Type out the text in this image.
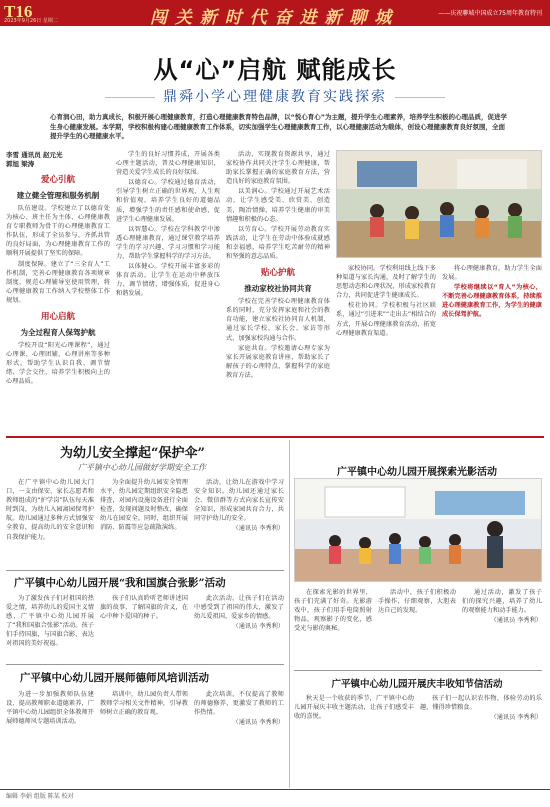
T16
2023年9月26日 星期二	闯 关 新 时 代 奋 进 新 聊 城	——庆祝聊城中国成立75周年教育特刊
从“心”启航 赋能成长
鼎舜小学心理健康教育实践探索
心育润心田，助力真成长，积极开展心理健康教育，打造心理健康教育特色品牌，以“悦心育心”为主题，提升学生心理素养，培养学生积极的心理品质，促进学生身心健康发展。本学期，学校积极构建心理健康教育工作体系，切实加强学生心理健康教育工作，以心理健康活动为载体，创设心理健康教育良好氛围，全面提升学生的心理健康水平。
李雪 通讯员 赵元光
郭旭 梁涛
爱心引航
建立健全管理和服务机制
队伍建设。学校建立了以德育处为核心、班主任为主体、心理健康教育专职教师为骨干的心理健康教育工作队伍，形成了全员参与、齐抓共管的良好局面，为心理健康教育工作的顺利开展提供了坚实的保障。
制度保障。建立了“三全育人”工作机制，完善心理健康教育各项规章制度，规范心理辅导室使用管理，将心理健康教育工作纳入学校整体工作规划。
用心启航
为全过程育人保驾护航
学校开设“阳光心理课程”，通过心理课、心理团辅、心理讲座等多种形式，帮助学生认识自我、调节情绪、学会交往，培养学生积极向上的心理品质。
学生的良好习惯养成，开展各类心理主题活动，普及心理健康知识，营造关爱学生成长的良好氛围。
以德育心。学校通过德育活动，引导学生树立正确的世界观、人生观和价值观，培养学生良好的道德品质，增强学生的责任感和使命感，促进学生心理健康发展。
以智慧心。学校在学科教学中渗透心理健康教育，通过课堂教学培养学生的学习兴趣、学习习惯和学习能力，帮助学生掌握科学的学习方法。
以体健心。学校开展丰富多彩的体育活动，让学生在运动中释放压力、调节情绪、增强体质，促进身心和谐发展。
活动，实现教育资源共享，通过家校协作共同关注学生心理健康，帮助家长掌握正确的家庭教育方法，营造良好的家庭教育氛围。
以美润心。学校通过开展艺术活动，让学生感受美、欣赏美、创造美，陶冶情操，培养学生健康的审美情趣和积极的心态。
以劳育心。学校开展劳动教育实践活动，让学生在劳动中体验成就感和幸福感，培养学生吃苦耐劳的精神和坚强的意志品质。
贴心护航
推动家校社协同共育
学校在完善学校心理健康教育体系的同时，充分发挥家庭和社会的教育功能，建立家校社协同育人机制，通过家长学校、家长会、家访等形式，加强家校沟通与合作。
家庭共育。学校邀请心理专家为家长开展家庭教育讲座，帮助家长了解孩子的心理特点，掌握科学的家庭教育方法。
家校协同。学校利用线上线下多种渠道与家长沟通，及时了解学生的思想动态和心理状况，形成家校教育合力，共同促进学生健康成长。
校社协同。学校积极与社区联系，通过“引进来”“走出去”相结合的方式，开展心理健康教育活动，拓宽心理健康教育渠道。
将心理健康教育，助力学生全面发展。
学校将继续以“育人”为核心，不断完善心理健康教育体系，持续推进心理健康教育工作，为学生的健康成长保驾护航。
为幼儿安全撑起“保护伞”
广平镇中心幼儿园做好学期安全工作
在广平镇中心幼儿园大门口，一支由保安、家长志愿者和教师组成的“护学岗”队伍每天准时到岗，为幼儿入园离园保驾护航。幼儿园通过多种方式加强安全教育，提高幼儿的安全意识和自我保护能力。
为全面提升幼儿园安全管理水平，幼儿园定期组织安全隐患排查，对园内设施设备进行全面检查，发现问题及时整改，确保幼儿在园安全。同时，组织开展消防、防震等应急疏散演练。
活动，让幼儿在游戏中学习安全知识。幼儿园还通过家长会、微信群等方式向家长宣传安全知识，形成家园共育合力，共同守护幼儿的安全。
（通讯员 李秀利）
广平镇中心幼儿园开展“我和国旗合张影”活动
为了激发孩子们对祖国的热爱之情，培养幼儿的爱国主义情感，广平镇中心幼儿园开展了“我和国旗合张影”活动。孩子们手持国旗，与国旗合影，表达对祖国的美好祝福。
孩子们认真聆听老师讲述国旗的故事，了解国旗的含义，在心中种下爱国的种子。
此次活动，让孩子们在活动中感受到了祖国的伟大，激发了幼儿爱祖国、爱家乡的情感。
（通讯员 李秀利）
广平镇中心幼儿园开展师德师风培训活动
为进一步加强教师队伍建设，提高教师职业道德素养，广平镇中心幼儿园组织全体教师开展师德师风专题培训活动。
培训中，幼儿园负责人带领教师学习相关文件精神，引导教师树立正确的教育观。
此次培训，不仅提高了教师的师德修养，更激发了教师的工作热情。
（通讯员 李秀利）
广平镇中心幼儿园开展探索光影活动
在探索光影的世界里，孩子们充满了好奇。光影游戏中，孩子们用手电筒照射物品，观察影子的变化，感受光与影的奥秘。
活动中，孩子们积极动手操作，仔细观察，大胆表达自己的发现。
通过活动，激发了孩子们的探究兴趣，培养了幼儿的观察能力和动手能力。
（通讯员 李秀利）
广平镇中心幼儿园开展庆丰收知节信活动
秋天是一个收获的季节，广平镇中心幼儿园开展庆丰收主题活动，让孩子们感受丰收的喜悦。
孩子们一起认识农作物，体验劳动的乐趣，懂得珍惜粮食。
（通讯员 李秀利）
编辑 李娟 组版 陈某 校对
